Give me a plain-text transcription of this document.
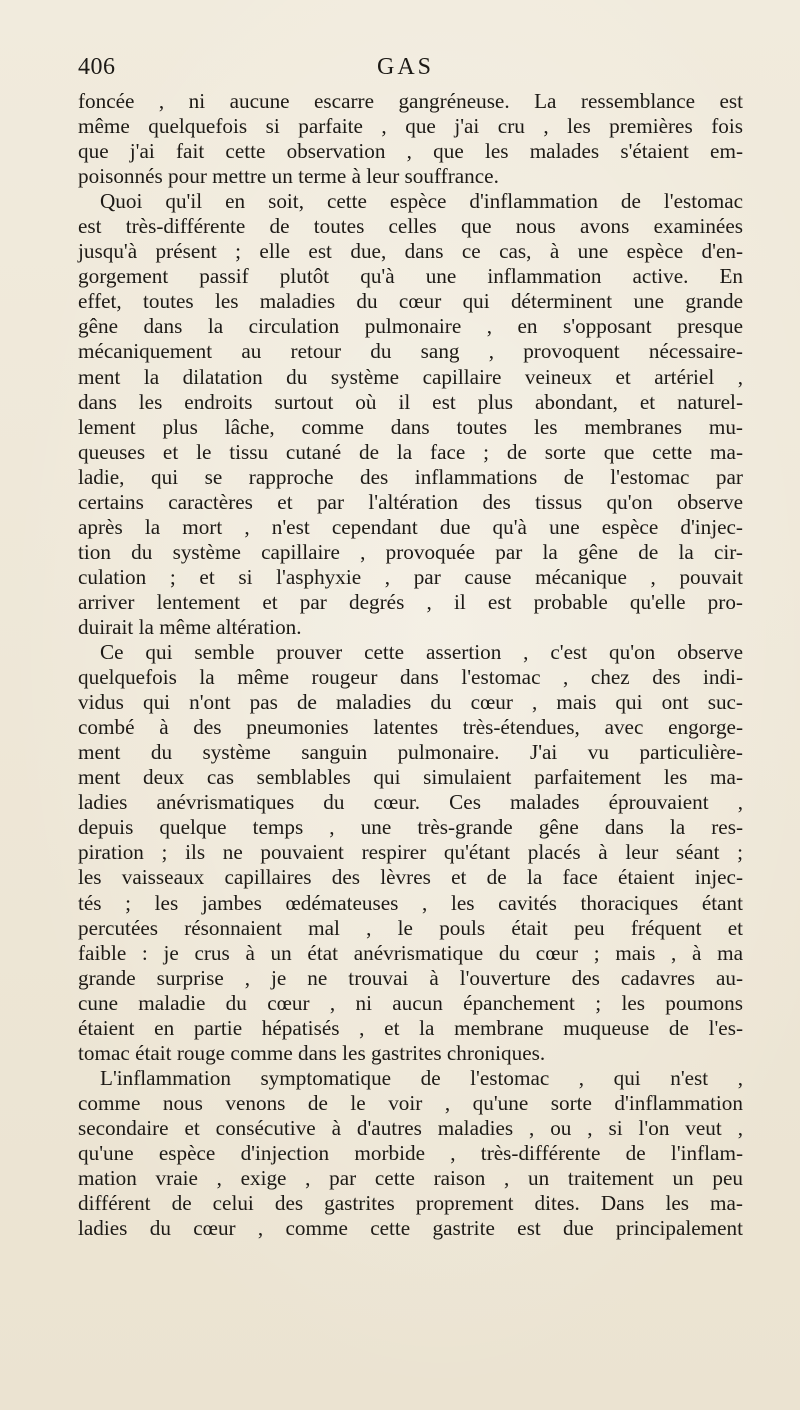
406	GAS
foncée , ni aucune escarre gangréneuse. La ressemblance est
même quelquefois si parfaite , que j'ai cru , les premières fois
que j'ai fait cette observation , que les malades s'étaient em-
poisonnés pour mettre un terme à leur souffrance.
Quoi qu'il en soit, cette espèce d'inflammation de l'estomac
est très-différente de toutes celles que nous avons examinées
jusqu'à présent ; elle est due, dans ce cas, à une espèce d'en-
gorgement passif plutôt qu'à une inflammation active. En
effet, toutes les maladies du cœur qui déterminent une grande
gêne dans la circulation pulmonaire , en s'opposant presque
mécaniquement au retour du sang , provoquent nécessaire-
ment la dilatation du système capillaire veineux et artériel ,
dans les endroits surtout où il est plus abondant, et naturel-
lement plus lâche, comme dans toutes les membranes mu-
queuses et le tissu cutané de la face ; de sorte que cette ma-
ladie, qui se rapproche des inflammations de l'estomac par
certains caractères et par l'altération des tissus qu'on observe
après la mort , n'est cependant due qu'à une espèce d'injec-
tion du système capillaire , provoquée par la gêne de la cir-
culation ; et si l'asphyxie , par cause mécanique , pouvait
arriver lentement et par degrés , il est probable qu'elle pro-
duirait la même altération.
Ce qui semble prouver cette assertion , c'est qu'on observe
quelquefois la même rougeur dans l'estomac , chez des indi-
vidus qui n'ont pas de maladies du cœur , mais qui ont suc-
combé à des pneumonies latentes très-étendues, avec engorge-
ment du système sanguin pulmonaire. J'ai vu particulière-
ment deux cas semblables qui simulaient parfaitement les ma-
ladies anévrismatiques du cœur. Ces malades éprouvaient ,
depuis quelque temps , une très-grande gêne dans la res-
piration ; ils ne pouvaient respirer qu'étant placés à leur séant ;
les vaisseaux capillaires des lèvres et de la face étaient injec-
tés ; les jambes œdémateuses , les cavités thoraciques étant
percutées résonnaient mal , le pouls était peu fréquent et
faible : je crus à un état anévrismatique du cœur ; mais , à ma
grande surprise , je ne trouvai à l'ouverture des cadavres au-
cune maladie du cœur , ni aucun épanchement ; les poumons
étaient en partie hépatisés , et la membrane muqueuse de l'es-
tomac était rouge comme dans les gastrites chroniques.
L'inflammation symptomatique de l'estomac , qui n'est ,
comme nous venons de le voir , qu'une sorte d'inflammation
secondaire et consécutive à d'autres maladies , ou , si l'on veut ,
qu'une espèce d'injection morbide , très-différente de l'inflam-
mation vraie , exige , par cette raison , un traitement un peu
différent de celui des gastrites proprement dites. Dans les ma-
ladies du cœur , comme cette gastrite est due principalement
